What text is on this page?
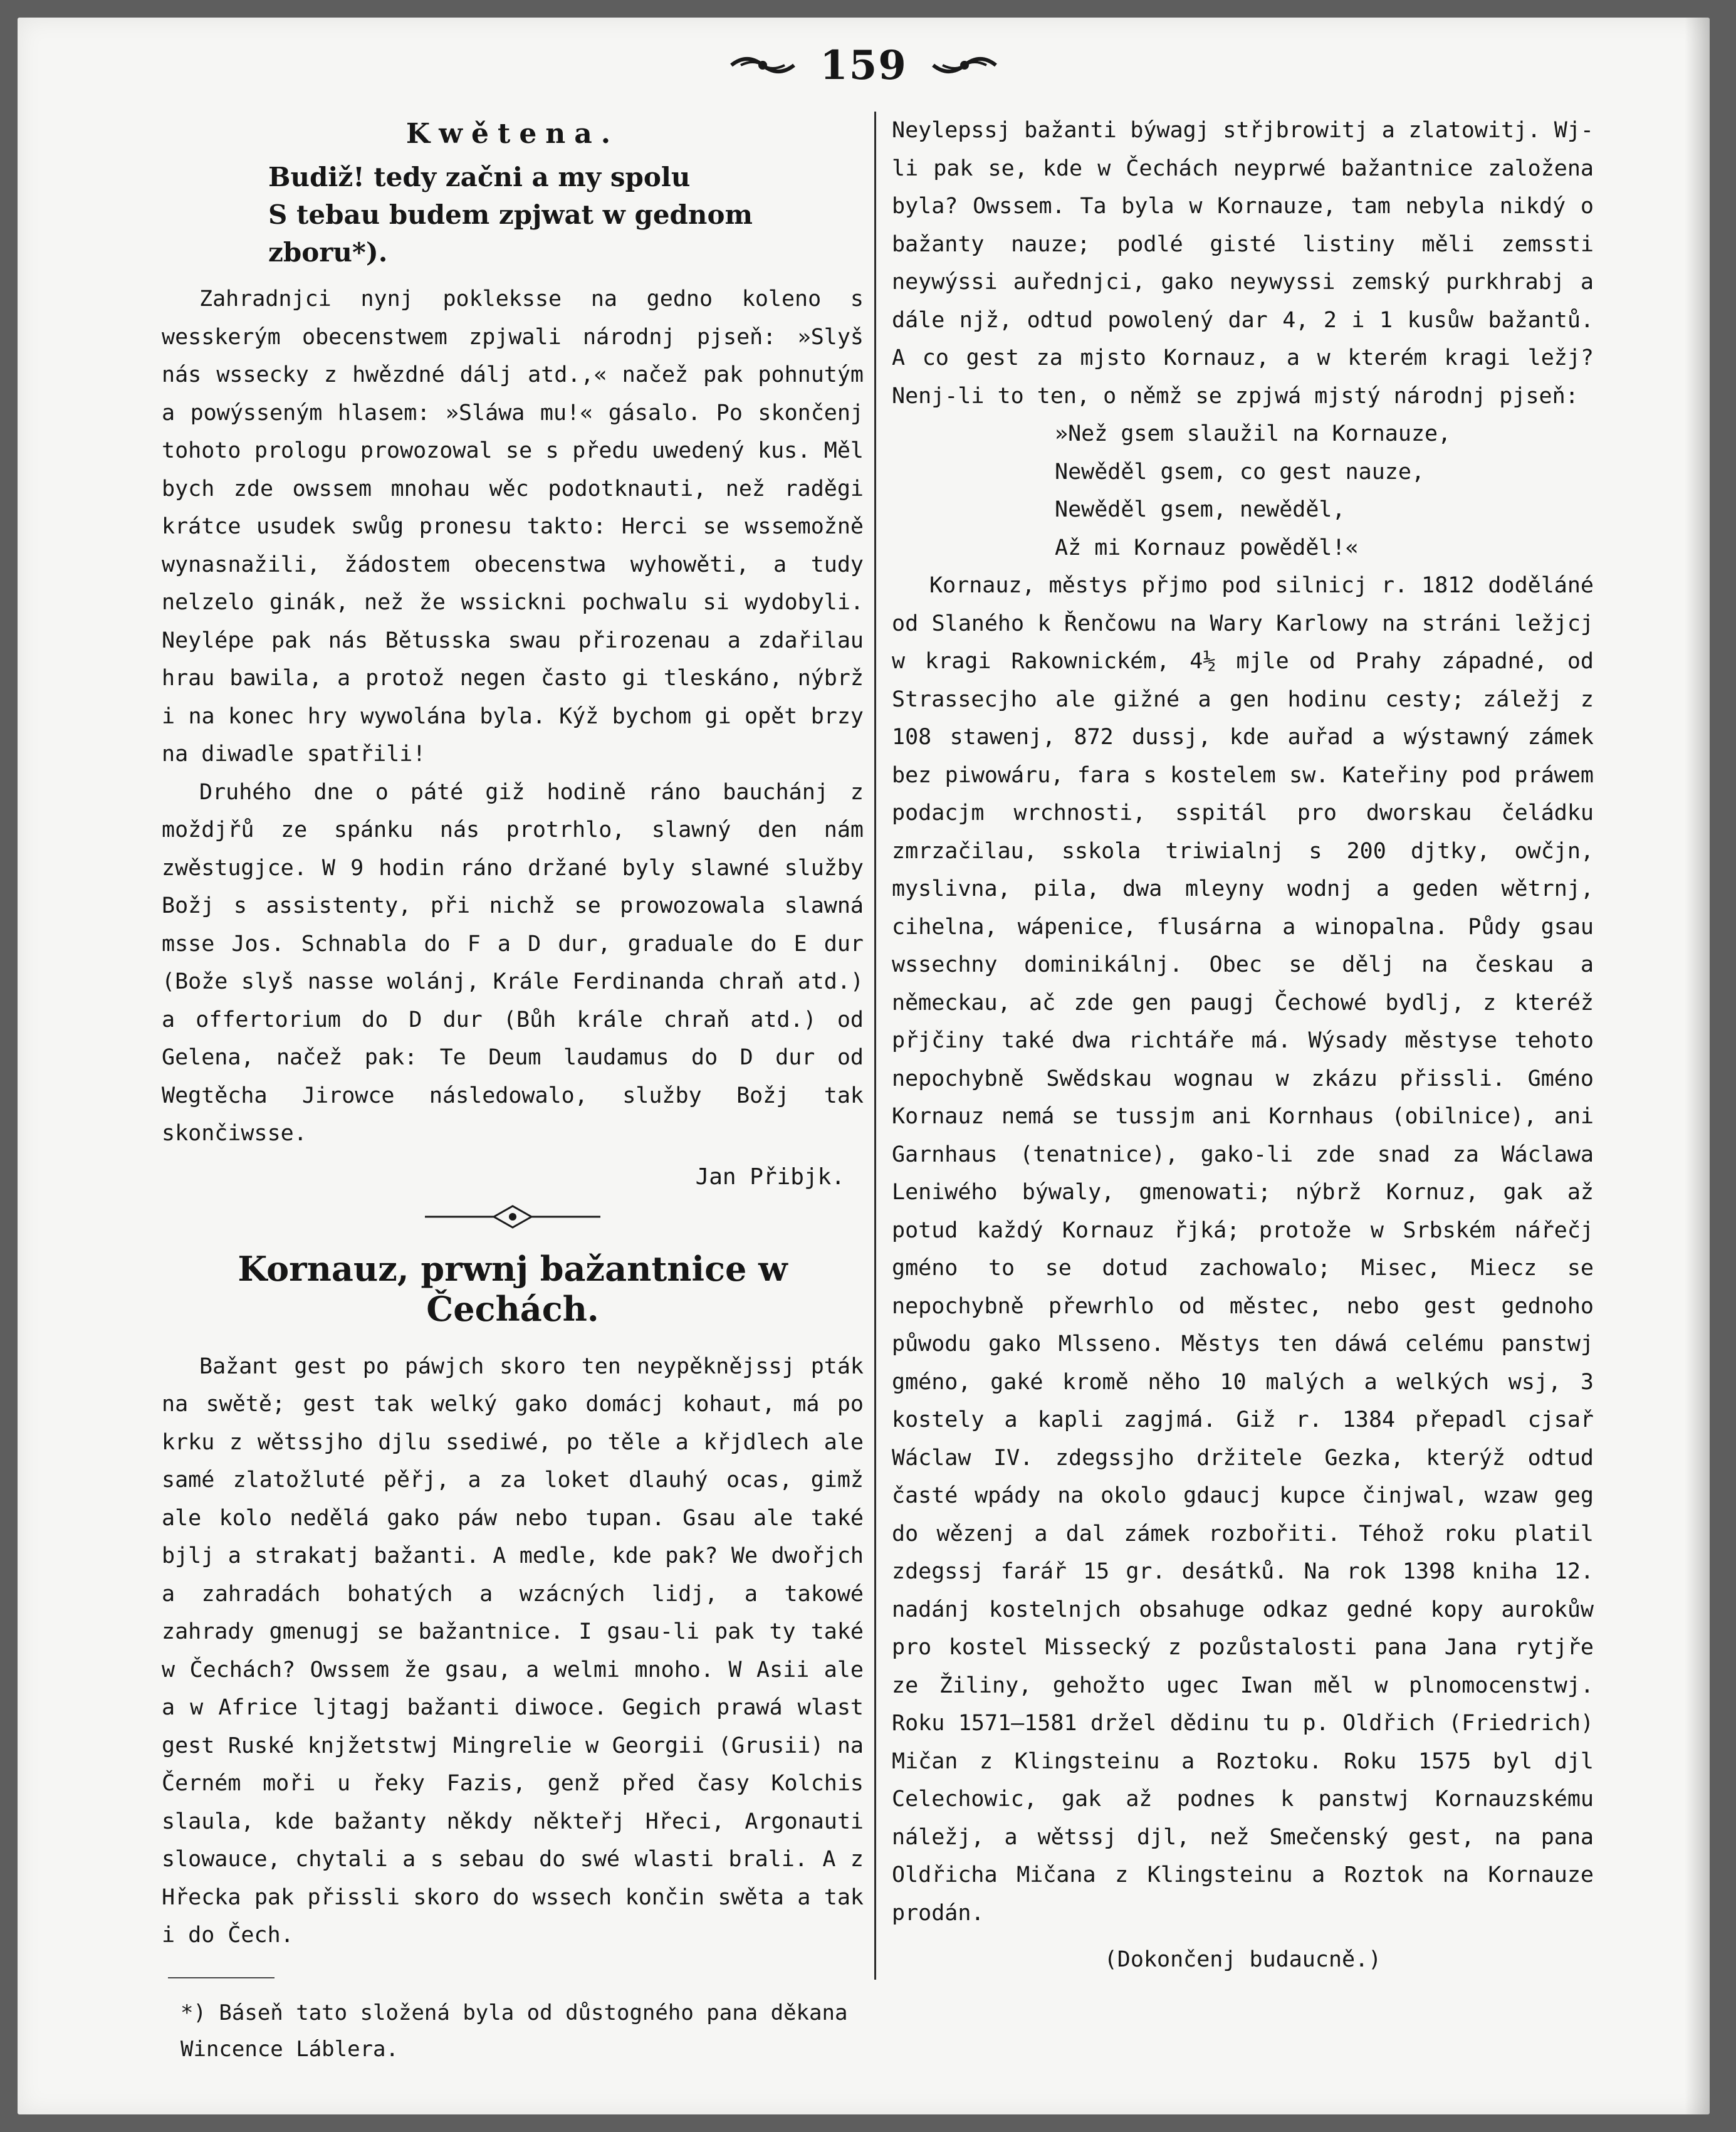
159
Kwětena.
Budiž! tedy začni a my spolu
S tebau budem zpjwat w gednom zboru*).

Zahradnjci nynj pokleksse na gedno koleno s wesskerým obecenstwem zpjwali národnj pjseň: »Slyš nás wssecky z hwězdné dálj atd.,« načež pak pohnutým a powýsseným hlasem: »Sláwa mu!« gásalo. Po skončenj tohoto prologu prowozowal se s předu uwedený kus. Měl bych zde owssem mnohau wěc podotknauti, než raděgi krátce usudek swůg pronesu takto: Herci se wssemožně wynasnažili, žádostem obecenstwa wyhowěti, a tudy nelzelo ginák, než že wssickni pochwalu si wydobyli. Neylépe pak nás Bětusska swau přirozenau a zdařilau hrau bawila, a protož negen často gi tleskáno, nýbrž i na konec hry wywolána byla. Kýž bychom gi opět brzy na diwadle spatřili!

Druhého dne o páté giž hodině ráno bauchánj z moždjřů ze spánku nás protrhlo, slawný den nám zwěstugjce. W 9 hodin ráno držané byly slawné služby Božj s assistenty, při nichž se prowozowala slawná msse Jos. Schnabla do F a D dur, graduale do E dur (Bože slyš nasse wolánj, Krále Ferdinanda chraň atd.) a offertorium do D dur (Bůh krále chraň atd.) od Gelena, načež pak: Te Deum laudamus do D dur od Wegtěcha Jirowce následowalo, služby Božj tak skončiwsse.

Jan Přibjk.
Kornauz, prwnj bažantnice w Čechách.

Bažant gest po páwjch skoro ten neypěknějssj pták na swětě; gest tak welký gako domácj kohaut, má po krku z wětssjho djlu ssediwé, po těle a křjdlech ale samé zlatožluté pěřj, a za loket dlauhý ocas, gimž ale kolo nedělá gako páw nebo tupan. Gsau ale také bjlj a strakatj bažanti. A medle, kde pak? We dwořjch a zahradách bohatých a wzácných lidj, a takowé zahrady gmenugj se bažantnice. I gsau-li pak ty také w Čechách? Owssem že gsau, a welmi mnoho. W Asii ale a w Africe ljtagj bažanti diwoce. Gegich prawá wlast gest Ruské knjžetstwj Mingrelie w Georgii (Grusii) na Černém moři u řeky Fazis, genž před časy Kolchis slaula, kde bažanty někdy někteřj Hřeci, Argonauti slowauce, chytali a s sebau do swé wlasti brali. A z Hřecka pak přissli skoro do wssech končin swěta a tak i do Čech.

*) Báseň tato složená byla od důstogného pana děkana Wincence Láblera.

Neylepssj bažanti býwagj střjbrowitj a zlatowitj. Wj-li pak se, kde w Čechách neyprwé bažantnice založena byla? Owssem. Ta byla w Kornauze, tam nebyla nikdý o bažanty nauze; podlé gisté listiny měli zemssti neywýssi auřednjci, gako neywyssi zemský purkhrabj a dále njž, odtud powolený dar 4, 2 i 1 kusůw bažantů. A co gest za mjsto Kornauz, a w kterém kragi ležj? Nenj-li to ten, o němž se zpjwá mjstý národnj pjseň:

»Než gsem slaužil na Kornauze,
Newěděl gsem, co gest nauze,
Newěděl gsem, newěděl,
Až mi Kornauz powěděl!«

Kornauz, městys přjmo pod silnicj r. 1812 doděláné od Slaného k Řenčowu na Wary Karlowy na stráni ležjcj w kragi Rakownickém, 4½ mjle od Prahy západné, od Strassecjho ale gižné a gen hodinu cesty; záležj z 108 stawenj, 872 dussj, kde auřad a wýstawný zámek bez piwowáru, fara s kostelem sw. Kateřiny pod práwem podacjm wrchnosti, sspitál pro dworskau čeládku zmrzačilau, sskola triwialnj s 200 djtky, owčjn, myslivna, pila, dwa mleyny wodnj a geden wětrnj, cihelna, wápenice, flusárna a winopalna. Půdy gsau wssechny dominikálnj. Obec se dělj na českau a německau, ač zde gen paugj Čechowé bydlj, z kteréž přjčiny také dwa richtáře má. Wýsady městyse tehoto nepochybně Swědskau wognau w zkázu přissli. Gméno Kornauz nemá se tussjm ani Kornhaus (obilnice), ani Garnhaus (tenatnice), gako-li zde snad za Wáclawa Leniwého býwaly, gmenowati; nýbrž Kornuz, gak až potud každý Kornauz řjká; protože w Srbském nářečj gméno to se dotud zachowalo; Misec, Miecz se nepochybně přewrhlo od městec, nebo gest gednoho půwodu gako Mlsseno. Městys ten dáwá celému panstwj gméno, gaké kromě něho 10 malých a welkých wsj, 3 kostely a kapli zagjmá. Giž r. 1384 přepadl cjsař Wáclaw IV. zdegssjho držitele Gezka, kterýž odtud časté wpády na okolo gdaucj kupce činjwal, wzaw geg do wězenj a dal zámek rozbořiti. Téhož roku platil zdegssj farář 15 gr. desátků. Na rok 1398 kniha 12. nadánj kostelnjch obsahuge odkaz gedné kopy aurokůw pro kostel Missecký z pozůstalosti pana Jana rytjře ze Žiliny, gehožto ugec Iwan měl w plnomocenstwj. Roku 1571—1581 držel dědinu tu p. Oldřich (Friedrich) Mičan z Klingsteinu a Roztoku. Roku 1575 byl djl Celechowic, gak až podnes k panstwj Kornauzskému náležj, a wětssj djl, než Smečenský gest, na pana Oldřicha Mičana z Klingsteinu a Roztok na Kornauze prodán.

(Dokončenj budaucně.)
